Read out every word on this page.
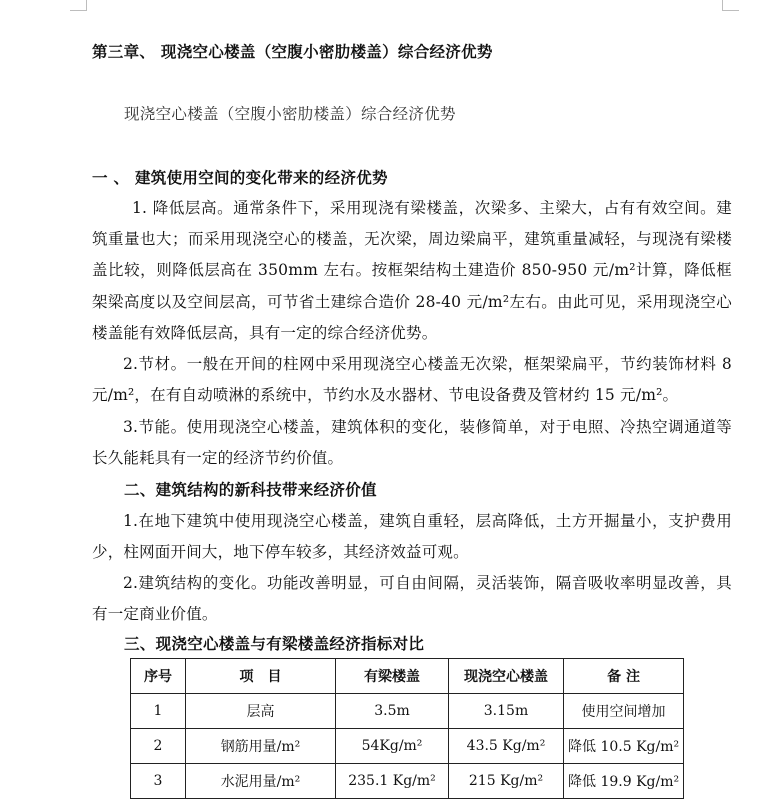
第三章、 现浇空心楼盖（空腹小密肋楼盖）综合经济优势
现浇空心楼盖（空腹小密肋楼盖）综合经济优势
一 、 建筑使用空间的变化带来的经济优势
1. 降低层高。通常条件下，采用现浇有梁楼盖，次梁多、主梁大，占有有效空间。建筑重量也大；而采用现浇空心的楼盖，无次梁，周边梁扁平，建筑重量减轻，与现浇有梁楼盖比较，则降低层高在 350mm 左右。按框架结构土建造价 850-950 元/m²计算，降低框架梁高度以及空间层高，可节省土建综合造价 28-40 元/m²左右。由此可见，采用现浇空心楼盖能有效降低层高，具有一定的综合经济优势。
2.节材。一般在开间的柱网中采用现浇空心楼盖无次梁，框架梁扁平，节约装饰材料 8 元/m²，在有自动喷淋的系统中，节约水及水器材、节电设备费及管材约 15 元/m²。
3.节能。使用现浇空心楼盖，建筑体积的变化，装修简单，对于电照、冷热空调通道等长久能耗具有一定的经济节约价值。
二、建筑结构的新科技带来经济价值
1.在地下建筑中使用现浇空心楼盖，建筑自重轻，层高降低，土方开掘量小，支护费用少，柱网面开间大，地下停车较多，其经济效益可观。
2.建筑结构的变化。功能改善明显，可自由间隔，灵活装饰，隔音吸收率明显改善，具有一定商业价值。
三、现浇空心楼盖与有梁楼盖经济指标对比
序号	项　目	有梁楼盖	现浇空心楼盖	备 注
1	层高	3.5m	3.15m	使用空间增加
2	钢筋用量/m²	54Kg/m²	43.5 Kg/m²	降低 10.5 Kg/m²
3	水泥用量/m²	235.1 Kg/m²	215 Kg/m²	降低 19.9 Kg/m²
